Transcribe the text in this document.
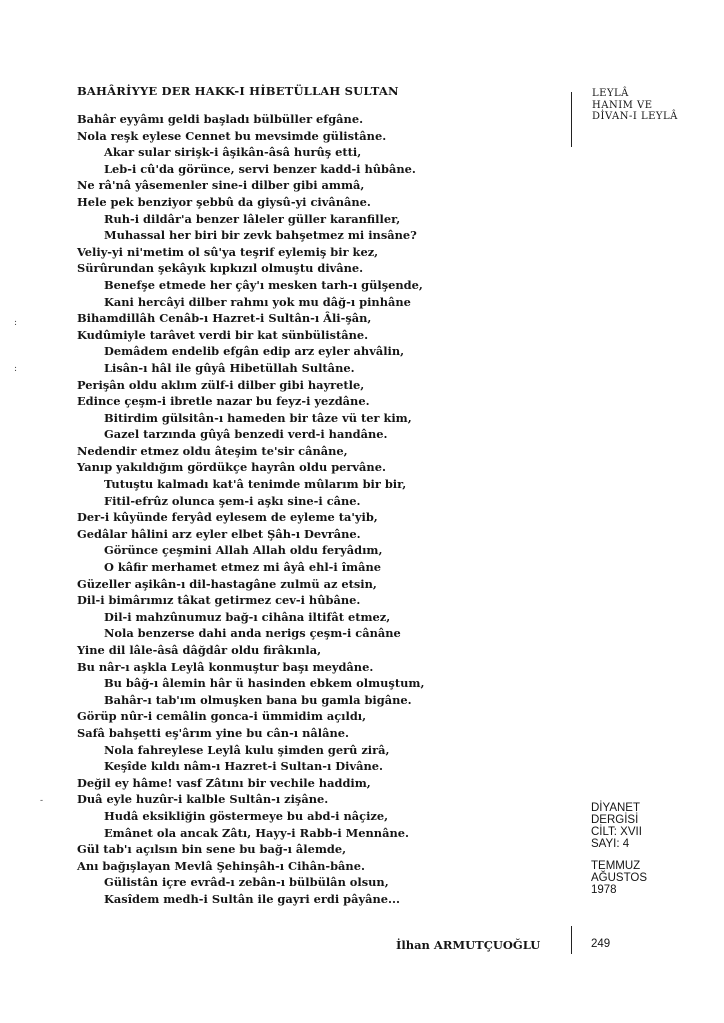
BAHÂRİYYE DER HAKK-I HİBETÜLLAH SULTAN
Bahâr eyyâmı geldi başladı bülbüller efgâne.
Nola reşk eylese Cennet bu mevsimde gülistâne.
Akar sular sirişk-i âşikân-âsâ hurûş etti,
Leb-i cû'da görünce, servi benzer kadd-i hûbâne.
Ne râ'nâ yâsemenler sine-i dilber gibi ammâ,
Hele pek benziyor şebbû da giysû-yi civânâne.
Ruh-i dildâr'a benzer lâleler güller karanfiller,
Muhassal her biri bir zevk bahşetmez mi insâne?
Veliy-yi ni'metim ol sû'ya teşrif eylemiş bir kez,
Sürûrundan şekâyık kıpkızıl olmuştu divâne.
Benefşe etmede her çây'ı mesken tarh-ı gülşende,
Kani hercâyi dilber rahmı yok mu dâğ-ı pinhâne
Bihamdillâh Cenâb-ı Hazret-i Sultân-ı Âli-şân,
Kudûmiyle tarâvet verdi bir kat sünbülistâne.
Demâdem endelib efgân edip arz eyler ahvâlin,
Lisân-ı hâl ile gûyâ Hibetüllah Sultâne.
Perişân oldu aklım zülf-i dilber gibi hayretle,
Edince çeşm-i ibretle nazar bu feyz-i yezdâne.
Bitirdim gülsitân-ı hameden bir tâze vü ter kim,
Gazel tarzında gûyâ benzedi verd-i handâne.
Nedendir etmez oldu âteşim te'sir cânâne,
Yanıp yakıldığım gördükçe hayrân oldu pervâne.
Tutuştu kalmadı kat'â tenimde mûlarım bir bir,
Fitil-efrûz olunca şem-i aşkı sine-i câne.
Der-i kûyünde feryâd eylesem de eyleme ta'yib,
Gedâlar hâlini arz eyler elbet Şâh-ı Devrâne.
Görünce çeşmini Allah Allah oldu feryâdım,
O kâfir merhamet etmez mi âyâ ehl-i îmâne
Güzeller aşikân-ı dil-hastagâne zulmü az etsin,
Dil-i bimârımız tâkat getirmez cev-i hûbâne.
Dil-i mahzûnumuz bağ-ı cihâna iltifât etmez,
Nola benzerse dahi anda nerigs çeşm-i cânâne
Yine dil lâle-âsâ dâğdâr oldu firâkınla,
Bu nâr-ı aşkla Leylâ konmuştur başı meydâne.
Bu bâğ-ı âlemin hâr ü hasinden ebkem olmuştum,
Bahâr-ı tab'ım olmuşken bana bu gamla bigâne.
Görüp nûr-i cemâlin gonca-i ümmidim açıldı,
Safâ bahşetti eş'ârım yine bu cân-ı nâlâne.
Nola fahreylese Leylâ kulu şimden gerû zirâ,
Keşîde kıldı nâm-ı Hazret-i Sultan-ı Divâne.
Değil ey hâme! vasf Zâtını bir vechile haddim,
Duâ eyle huzûr-i kalble Sultân-ı zişâne.
Hudâ eksikliğin göstermeye bu abd-i nâçize,
Emânet ola ancak Zâtı, Hayy-i Rabb-i Mennâne.
Gül tab'ı açılsın bin sene bu bağ-ı âlemde,
Anı bağışlayan Mevlâ Şehinşâh-ı Cihân-bâne.
Gülistân içre evrâd-ı zebân-ı bülbülân olsun,
Kasîdem medh-i Sultân ile gayri erdi pâyâne...
İlhan ARMUTÇUOĞLU
LEYLÂ
HANIM VE
DİVAN-I LEYLÂ
DİYANET
DERGİSİ
CİLT: XVII
SAYI: 4
TEMMUZ
AĞUSTOS
1978
249
:
:
-
